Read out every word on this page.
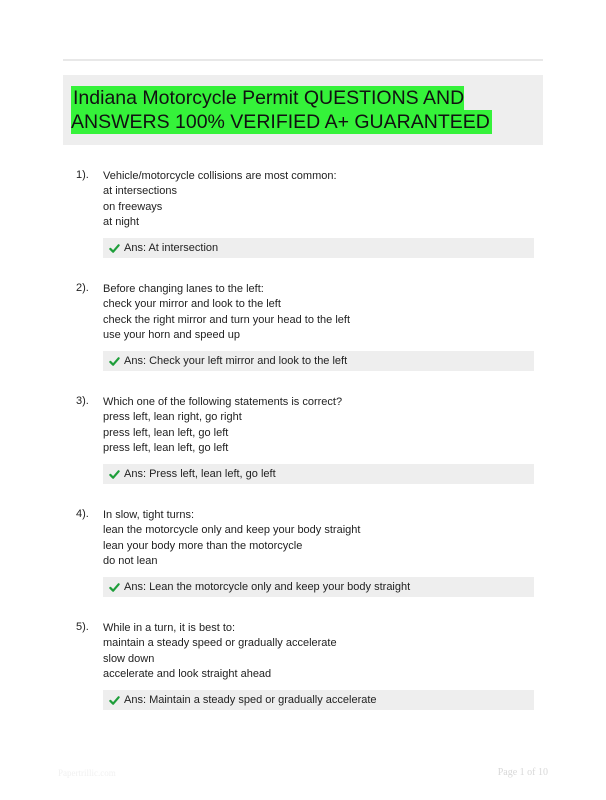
Indiana Motorcycle Permit QUESTIONS AND ANSWERS 100% VERIFIED A+ GUARANTEED
1). Vehicle/motorcycle collisions are most common:
at intersections
on freeways
at night
Ans: At intersection
2). Before changing lanes to the left:
check your mirror and look to the left
check the right mirror and turn your head to the left
use your horn and speed up
Ans: Check your left mirror and look to the left
3). Which one of the following statements is correct?
press left, lean right, go right
press left, lean left, go left
press left, lean left, go left
Ans: Press left, lean left, go left
4). In slow, tight turns:
lean the motorcycle only and keep your body straight
lean your body more than the motorcycle
do not lean
Ans: Lean the motorcycle only and keep your body straight
5). While in a turn, it is best to:
maintain a steady speed or gradually accelerate
slow down
accelerate and look straight ahead
Ans: Maintain a steady sped or gradually accelerate
Papertrillic.com	Page 1 of 10
